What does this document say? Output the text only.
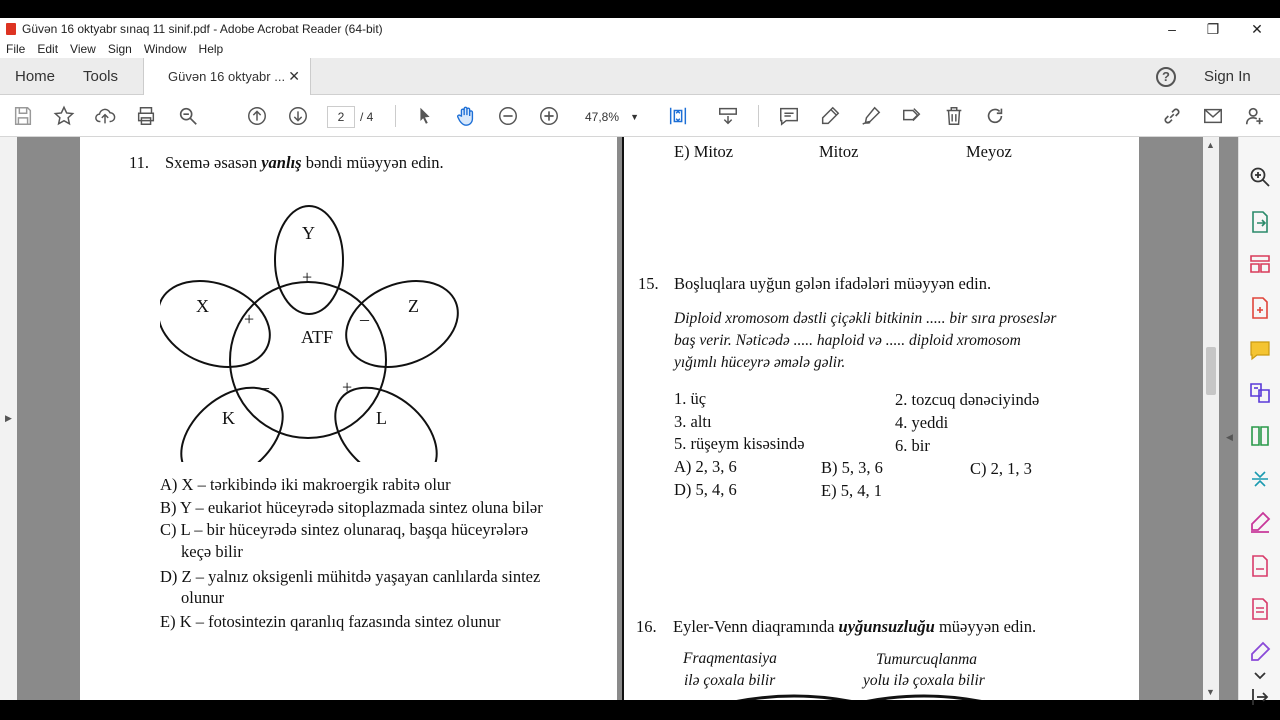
Güvən 16 oktyabr sınaq 11 sinif.pdf - Adobe Acrobat Reader (64-bit)	–	❐	✕
File	Edit	View	Sign	Window	Help
Home Tools	Güvən 16 oktyabr ... ✕	?	Sign In
2	/ 4	47,8% ▼
▶
11. Sxemə əsasən yanlış bəndi müəyyən edin.
ATF
Y
X	Z
K	L
+
+	–
–	+
A) X – tərkibində iki makroergik rabitə olur
B) Y – eukariot hüceyrədə sitoplazmada sintez oluna bilər
C) L – bir hüceyrədə sintez olunaraq, başqa hüceyrələrə
keçə bilir
D) Z – yalnız oksigenli mühitdə yaşayan canlılarda sintez
olunur
E) K – fotosintezin qaranlıq fazasında sintez olunur
E) Mitoz	Mitoz	Meyoz
15. Boşluqlara uyğun gələn ifadələri müəyyən edin.
Diploid xromosom dəstli çiçəkli bitkinin ..... bir sıra proseslər
baş verir. Nəticədə ..... haploid və ..... diploid xromosom
yığımlı hüceyrə əmələ gəlir.
1. üç	2. tozcuq dənəciyində
3. altı	4. yeddi
5. rüşeym kisəsində	6. bir
A) 2, 3, 6	B) 5, 3, 6	C) 2, 1, 3
D) 5, 4, 6	E) 5, 4, 1
16. Eyler-Venn diaqramında uyğunsuzluğu müəyyən edin.
Fraqmentasiya
ilə çoxala bilir
Tumurcuqlanma
yolu ilə çoxala bilir
▲
▼
◀
